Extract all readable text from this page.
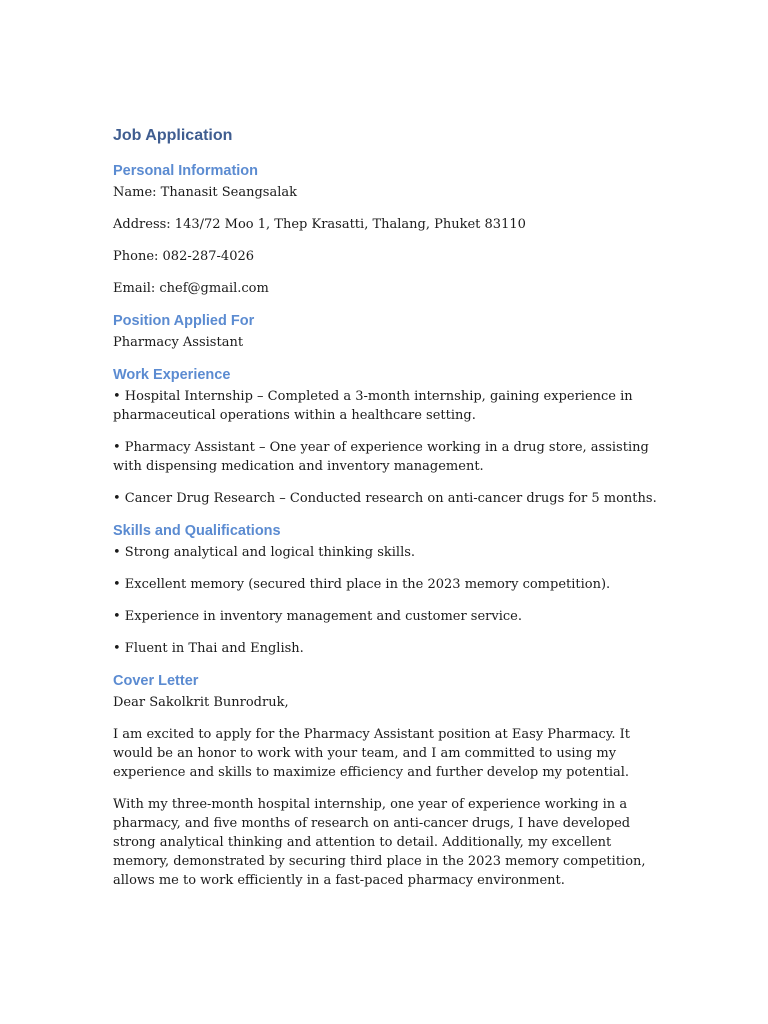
Job Application
Personal Information

Name: Thanasit Seangsalak

Address: 143/72 Moo 1, Thep Krasatti, Thalang, Phuket 83110

Phone: 082-287-4026

Email: chef@gmail.com

Position Applied For

Pharmacy Assistant

Work Experience

• Hospital Internship – Completed a 3-month internship, gaining experience in pharmaceutical operations within a healthcare setting.

• Pharmacy Assistant – One year of experience working in a drug store, assisting with dispensing medication and inventory management.

• Cancer Drug Research – Conducted research on anti-cancer drugs for 5 months.

Skills and Qualifications

• Strong analytical and logical thinking skills.

• Excellent memory (secured third place in the 2023 memory competition).

• Experience in inventory management and customer service.

• Fluent in Thai and English.

Cover Letter

Dear Sakolkrit Bunrodruk,

I am excited to apply for the Pharmacy Assistant position at Easy Pharmacy. It would be an honor to work with your team, and I am committed to using my experience and skills to maximize efficiency and further develop my potential.

With my three-month hospital internship, one year of experience working in a pharmacy, and five months of research on anti-cancer drugs, I have developed strong analytical thinking and attention to detail. Additionally, my excellent memory, demonstrated by securing third place in the 2023 memory competition, allows me to work efficiently in a fast-paced pharmacy environment.
